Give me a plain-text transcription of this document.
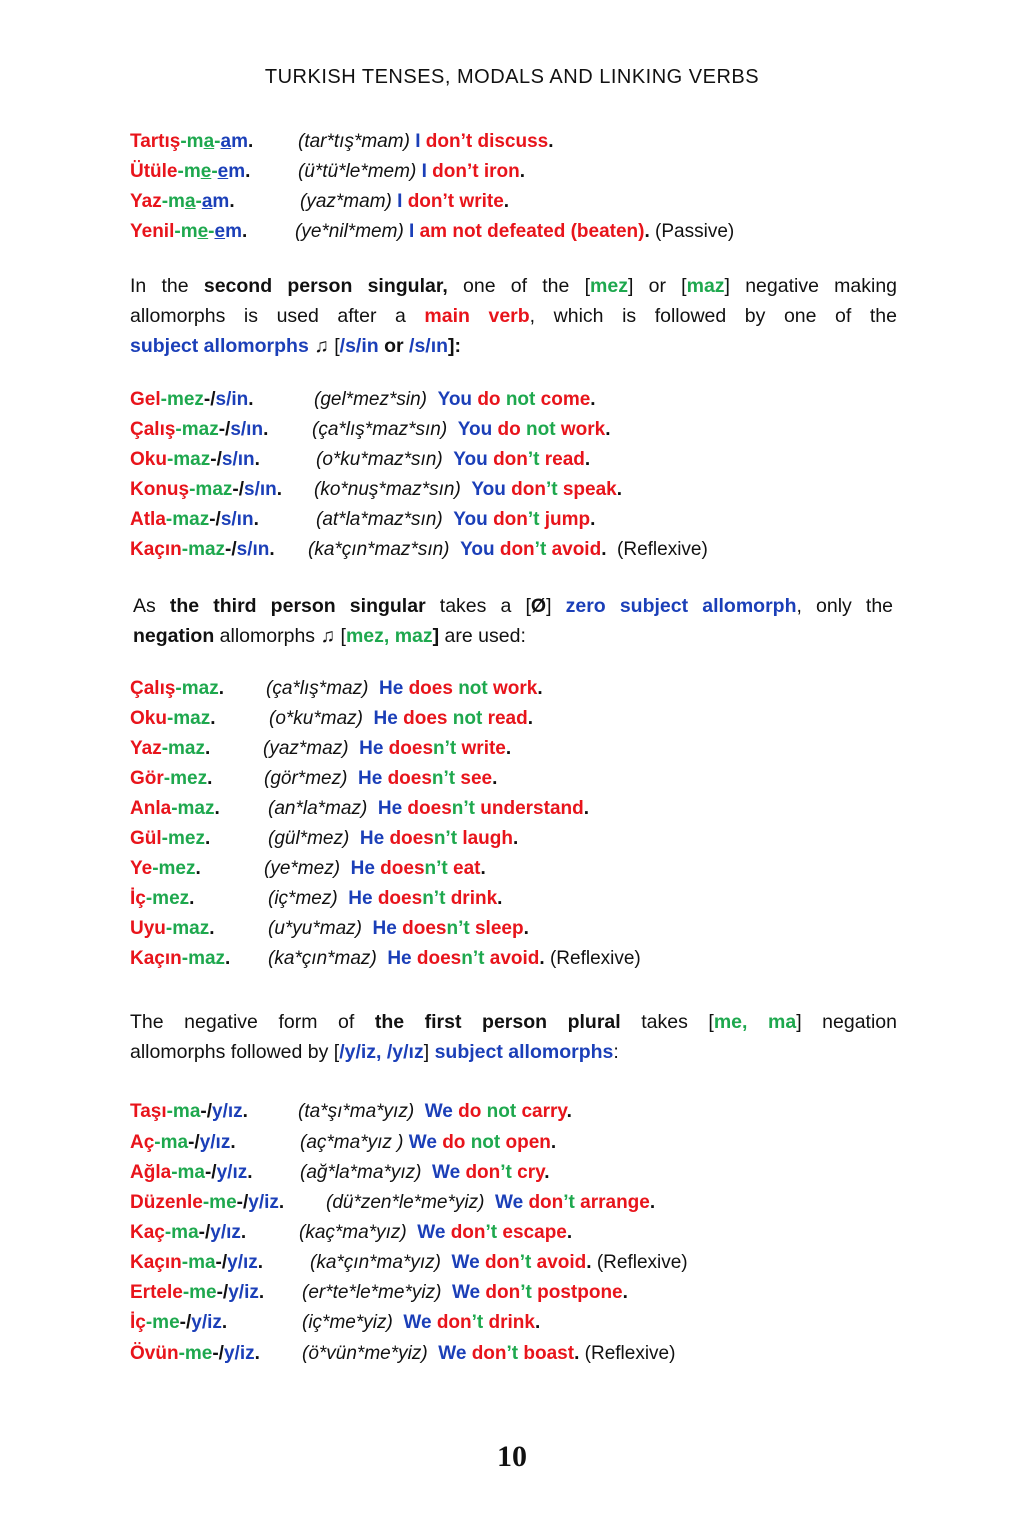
TURKISH TENSES, MODALS AND LINKING VERBS
Tartış-ma-am. (tar*tış*mam) I don’t discuss.
Ütüle-me-em.	(ü*tü*le*mem) I don’t iron.
Yaz-ma-am.	(yaz*mam) I don’t write.
Yenil-me-em.	(ye*nil*mem) I am not defeated (beaten). (Passive)
In the second person singular, one of the [mez] or [maz] negative making
allomorphs is used after a main verb, which is followed by one of the
subject allomorphs ♫ [/s/in or /s/ın]:
Gel-mez-/s/in.	(gel*mez*sin) You do not come.
Çalış-maz-/s/ın. (ça*lış*maz*sın) You do not work.
Oku-maz-/s/ın.	(o*ku*maz*sın) You don’t read.
Konuş-maz-/s/ın. (ko*nuş*maz*sın) You don’t speak.
Atla-maz-/s/ın.	(at*la*maz*sın) You don’t jump.
Kaçın-maz-/s/ın. (ka*çın*maz*sın) You don’t avoid. (Reflexive)
As the third person singular takes a [Ø] zero subject allomorph, only the
negation allomorphs ♫ [mez, maz] are used:
Çalış-maz. (ça*lış*maz) He does not work.
Oku-maz.	(o*ku*maz) He does not read.
Yaz-maz.	(yaz*maz) He doesn’t write.
Gör-mez.	(gör*mez) He doesn’t see.
Anla-maz.	(an*la*maz) He doesn’t understand.
Gül-mez.	(gül*mez) He doesn’t laugh.
Ye-mez.	(ye*mez) He doesn’t eat.
İç-mez.	(iç*mez) He doesn’t drink.
Uyu-maz.	(u*yu*maz) He doesn’t sleep.
Kaçın-maz. (ka*çın*maz) He doesn’t avoid. (Reflexive)
The negative form of the first person plural takes [me, ma] negation
allomorphs followed by [/y/iz, /y/ız] subject allomorphs:
Taşı-ma-/y/ız.	(ta*şı*ma*yız) We do not carry.
Aç-ma-/y/ız.	(aç*ma*yız ) We do not open.
Ağla-ma-/y/ız. (ağ*la*ma*yız) We don’t cry.
Düzenle-me-/y/iz. (dü*zen*le*me*yiz) We don’t arrange.
Kaç-ma-/y/ız.	(kaç*ma*yız) We don’t escape.
Kaçın-ma-/y/ız. (ka*çın*ma*yız) We don’t avoid. (Reflexive)
Ertele-me-/y/iz. (er*te*le*me*yiz) We don’t postpone.
İç-me-/y/iz.	(iç*me*yiz) We don’t drink.
Övün-me-/y/iz. (ö*vün*me*yiz) We don’t boast. (Reflexive)
10
